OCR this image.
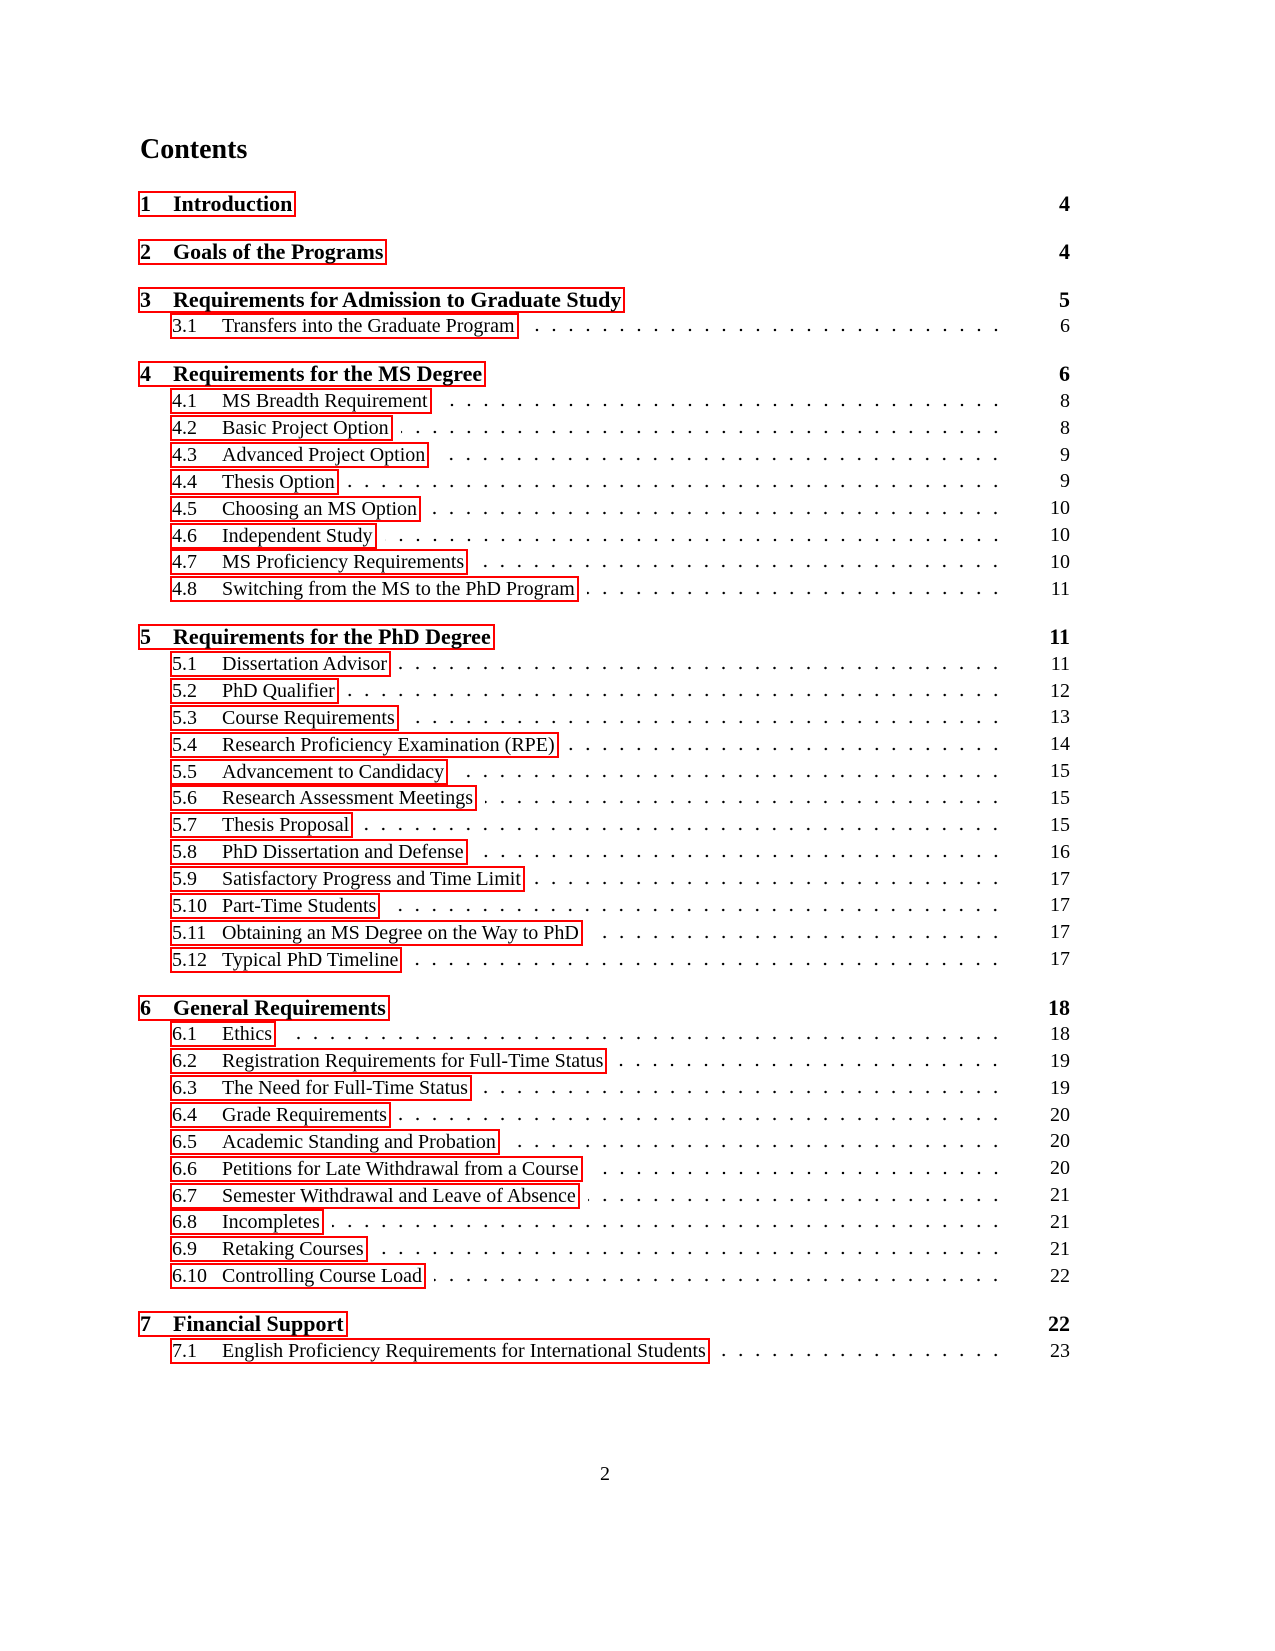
Contents
1	Introduction	4
2	Goals of the Programs	4
3	Requirements for Admission to Graduate Study	5
3.1	Transfers into the Graduate Program	6
4	Requirements for the MS Degree	6
4.1	MS Breadth Requirement	8
4.2	Basic Project Option	8
4.3	Advanced Project Option	9
4.4	Thesis Option	9
4.5	Choosing an MS Option	10
4.6	Independent Study	10
4.7	MS Proficiency Requirements	10
4.8	Switching from the MS to the PhD Program	11
5	Requirements for the PhD Degree	11
5.1	Dissertation Advisor	11
5.2	PhD Qualifier	12
5.3	Course Requirements	13
5.4	Research Proficiency Examination (RPE)	14
5.5	Advancement to Candidacy	15
5.6	Research Assessment Meetings	15
5.7	Thesis Proposal	15
5.8	PhD Dissertation and Defense	16
5.9	Satisfactory Progress and Time Limit	17
5.10 Part-Time Students	17
5.11 Obtaining an MS Degree on the Way to PhD	17
5.12 Typical PhD Timeline	17
6	General Requirements	18
6.1	Ethics	18
6.2	Registration Requirements for Full-Time Status	19
6.3	The Need for Full-Time Status	19
6.4	Grade Requirements	20
6.5	Academic Standing and Probation	20
6.6	Petitions for Late Withdrawal from a Course	20
6.7	Semester Withdrawal and Leave of Absence	21
6.8	Incompletes	21
6.9	Retaking Courses	21
6.10 Controlling Course Load	22
7	Financial Support	22
7.1	English Proficiency Requirements for International Students	23
2
